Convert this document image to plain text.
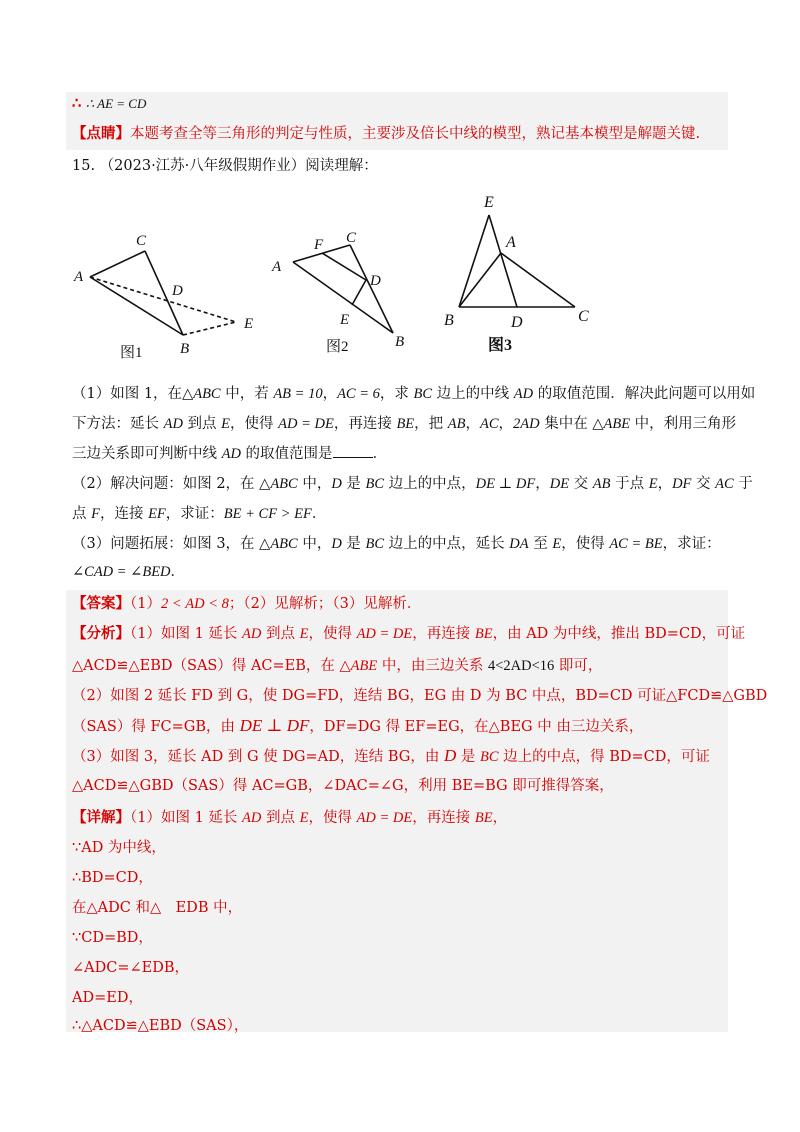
∴ ∴ AE = CD
【点睛】本题考查全等三角形的判定与性质，主要涉及倍长中线的模型，熟记基本模型是解题关键.
15. （2023·江苏·八年级假期作业）阅读理解：
A
C
D
E
B
图1
A
F C
D
E
B
图2
E
A
B	D	C
图3
（1）如图 1，在△ABC 中，若 AB = 10，AC = 6，求 BC 边上的中线 AD 的取值范围．解决此问题可以用如
下方法：延长 AD 到点 E，使得 AD = DE，再连接 BE，把 AB，AC，2AD 集中在 △ABE 中，利用三角形
三边关系即可判断中线 AD 的取值范围是	．
（2）解决问题：如图 2，在 △ABC 中，D 是 BC 边上的中点，DE ⊥ DF，DE 交 AB 于点 E，DF 交 AC 于
点 F，连接 EF，求证：BE + CF > EF．
（3）问题拓展：如图 3，在 △ABC 中，D 是 BC 边上的中点，延长 DA 至 E，使得 AC = BE，求证：
∠CAD = ∠BED．
【答案】（1）2 < AD < 8；（2）见解析；（3）见解析．
【分析】（1）如图 1 延长 AD 到点 E，使得 AD = DE，再连接 BE，由 AD 为中线，推出 BD=CD，可证
△ACD≌△EBD（SAS）得 AC=EB，在 △ABE 中，由三边关系 4<2AD<16 即可，
（2）如图 2 延长 FD 到 G，使 DG=FD，连结 BG，EG 由 D 为 BC 中点，BD=CD 可证△FCD≌△GBD
（SAS）得 FC=GB，由 DE ⊥ DF，DF=DG 得 EF=EG，在△BEG 中 由三边关系，
（3）如图 3，延长 AD 到 G 使 DG=AD，连结 BG，由 D 是 BC 边上的中点，得 BD=CD，可证
△ACD≌△GBD（SAS）得 AC=GB，∠DAC=∠G，利用 BE=BG 即可推得答案，
【详解】（1）如图 1 延长 AD 到点 E，使得 AD = DE，再连接 BE，
∵AD 为中线，
∴BD=CD，
在△ADC 和△　EDB 中，
∵CD=BD，
∠ADC=∠EDB，
AD=ED，
∴△ACD≌△EBD（SAS），
